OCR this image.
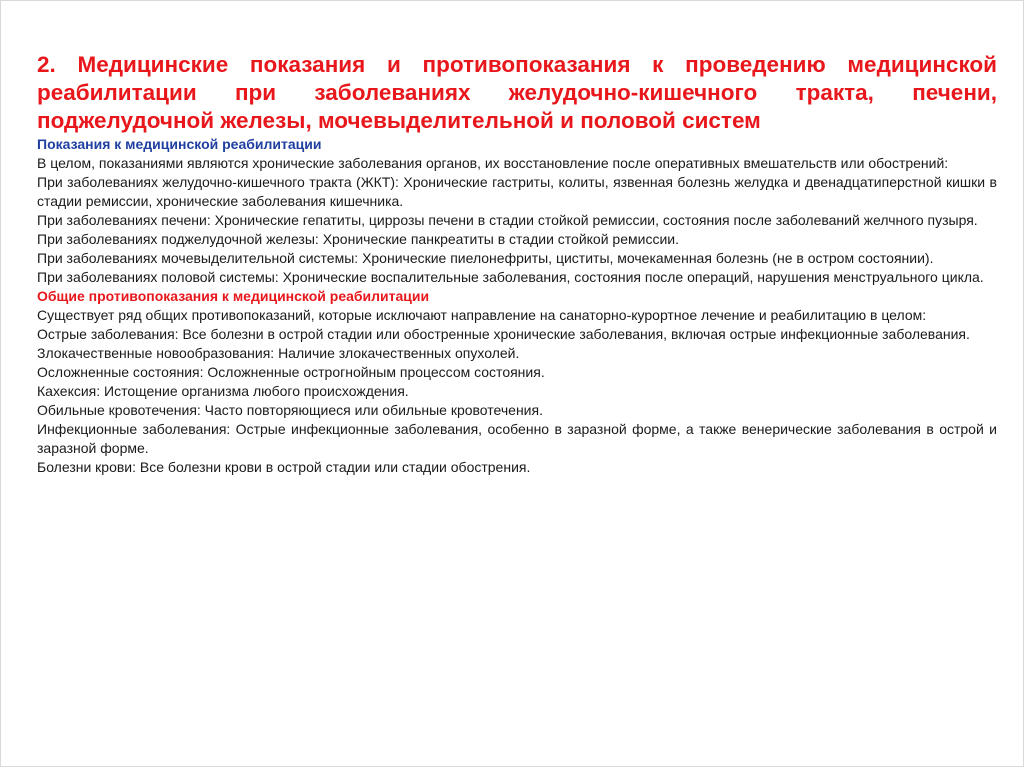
2. Медицинские показания и противопоказания к проведению медицинской реабилитации при заболеваниях желудочно-кишечного тракта, печени, поджелудочной железы, мочевыделительной и половой систем

Показания к медицинской реабилитации

В целом, показаниями являются хронические заболевания органов, их восстановление после оперативных вмешательств или обострений:

При заболеваниях желудочно-кишечного тракта (ЖКТ): Хронические гастриты, колиты, язвенная болезнь желудка и двенадцатиперстной кишки в стадии ремиссии, хронические заболевания кишечника.

При заболеваниях печени: Хронические гепатиты, циррозы печени в стадии стойкой ремиссии, состояния после заболеваний желчного пузыря.

При заболеваниях поджелудочной железы: Хронические панкреатиты в стадии стойкой ремиссии.

При заболеваниях мочевыделительной системы: Хронические пиелонефриты, циститы, мочекаменная болезнь (не в остром состоянии).

При заболеваниях половой системы: Хронические воспалительные заболевания, состояния после операций, нарушения менструального цикла.

Общие противопоказания к медицинской реабилитации

Существует ряд общих противопоказаний, которые исключают направление на санаторно-курортное лечение и реабилитацию в целом:

Острые заболевания: Все болезни в острой стадии или обостренные хронические заболевания, включая острые инфекционные заболевания.

Злокачественные новообразования: Наличие злокачественных опухолей.

Осложненные состояния: Осложненные острогнойным процессом состояния.

Кахексия: Истощение организма любого происхождения.

Обильные кровотечения: Часто повторяющиеся или обильные кровотечения.

Инфекционные заболевания: Острые инфекционные заболевания, особенно в заразной форме, а также венерические заболевания в острой и заразной форме.

Болезни крови: Все болезни крови в острой стадии или стадии обострения.
